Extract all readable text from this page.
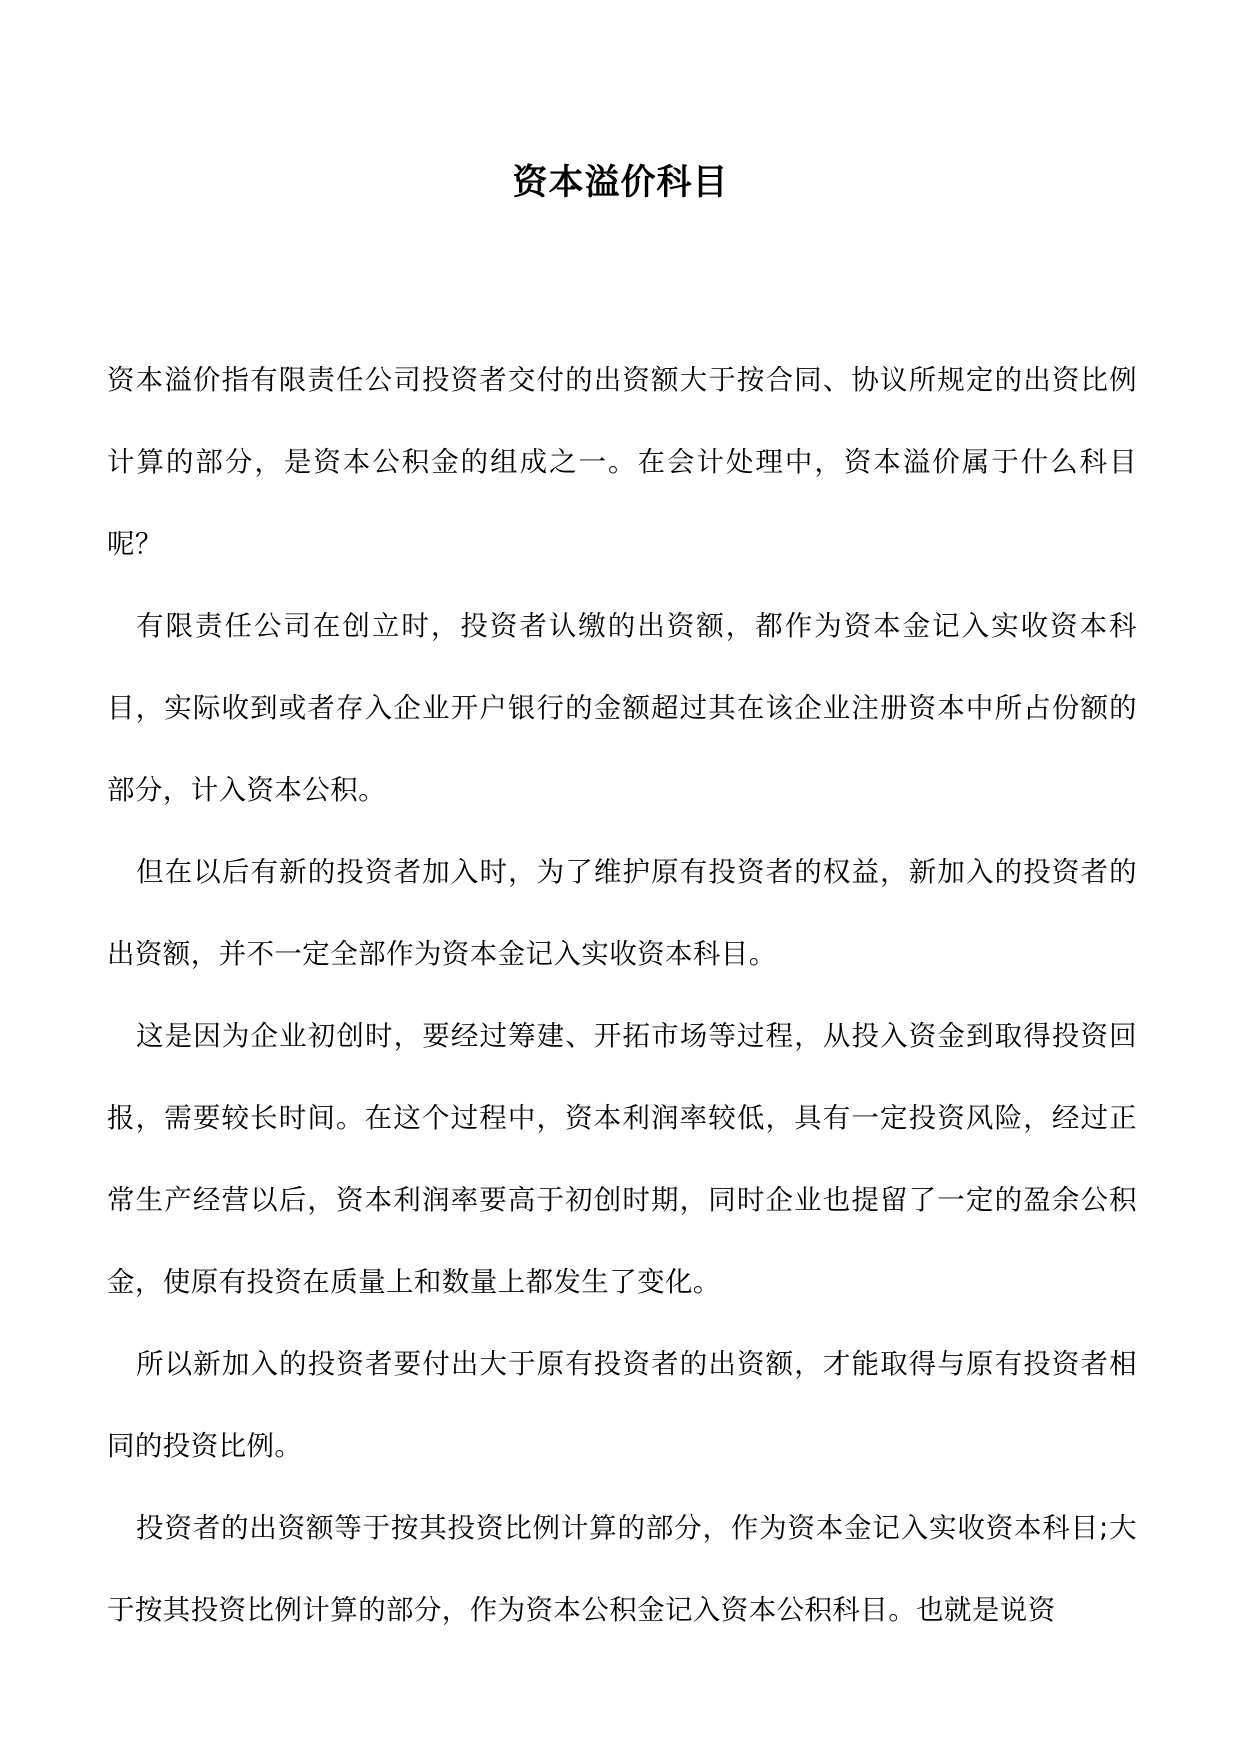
资本溢价科目

资本溢价指有限责任公司投资者交付的出资额大于按合同、协议所规定的出资比例计算的部分，是资本公积金的组成之一。在会计处理中，资本溢价属于什么科目呢？

有限责任公司在创立时，投资者认缴的出资额，都作为资本金记入实收资本科目，实际收到或者存入企业开户银行的金额超过其在该企业注册资本中所占份额的部分，计入资本公积。

但在以后有新的投资者加入时，为了维护原有投资者的权益，新加入的投资者的出资额，并不一定全部作为资本金记入实收资本科目。

这是因为企业初创时，要经过筹建、开拓市场等过程，从投入资金到取得投资回报，需要较长时间。在这个过程中，资本利润率较低，具有一定投资风险，经过正常生产经营以后，资本利润率要高于初创时期，同时企业也提留了一定的盈余公积金，使原有投资在质量上和数量上都发生了变化。

所以新加入的投资者要付出大于原有投资者的出资额，才能取得与原有投资者相同的投资比例。

投资者的出资额等于按其投资比例计算的部分，作为资本金记入实收资本科目;大于按其投资比例计算的部分，作为资本公积金记入资本公积科目。也就是说资
